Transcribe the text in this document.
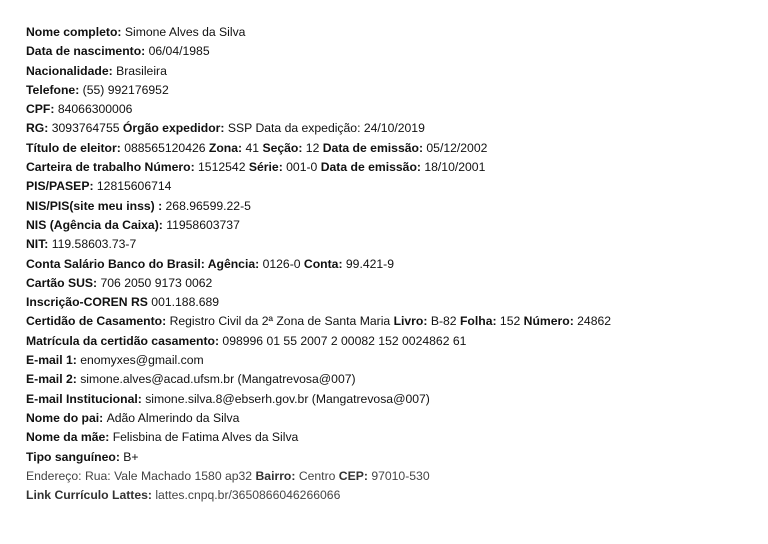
Nome completo: Simone Alves da Silva
Data de nascimento: 06/04/1985
Nacionalidade: Brasileira
Telefone: (55) 992176952
CPF: 84066300006
RG: 3093764755 Órgão expedidor: SSP Data da expedição: 24/10/2019
Título de eleitor: 088565120426 Zona: 41 Seção: 12 Data de emissão: 05/12/2002
Carteira de trabalho Número: 1512542 Série: 001-0 Data de emissão: 18/10/2001
PIS/PASEP: 12815606714
NIS/PIS(site meu inss) : 268.96599.22-5
NIS (Agência da Caixa): 11958603737
NIT: 119.58603.73-7
Conta Salário Banco do Brasil: Agência: 0126-0 Conta: 99.421-9
Cartão SUS: 706 2050 9173 0062
Inscrição-COREN RS 001.188.689
Certidão de Casamento: Registro Civil da 2ª Zona de Santa Maria Livro: B-82 Folha: 152 Número: 24862
Matrícula da certidão casamento: 098996 01 55 2007 2 00082 152 0024862 61
E-mail 1: enomyxes@gmail.com
E-mail 2: simone.alves@acad.ufsm.br (Mangatrevosa@007)
E-mail Institucional: simone.silva.8@ebserh.gov.br (Mangatrevosa@007)
Nome do pai: Adão Almerindo da Silva
Nome da mãe: Felisbina de Fatima Alves da Silva
Tipo sanguíneo: B+
Endereço: Rua: Vale Machado 1580 ap32 Bairro: Centro CEP: 97010-530
Link Currículo Lattes: lattes.cnpq.br/3650866046266066
